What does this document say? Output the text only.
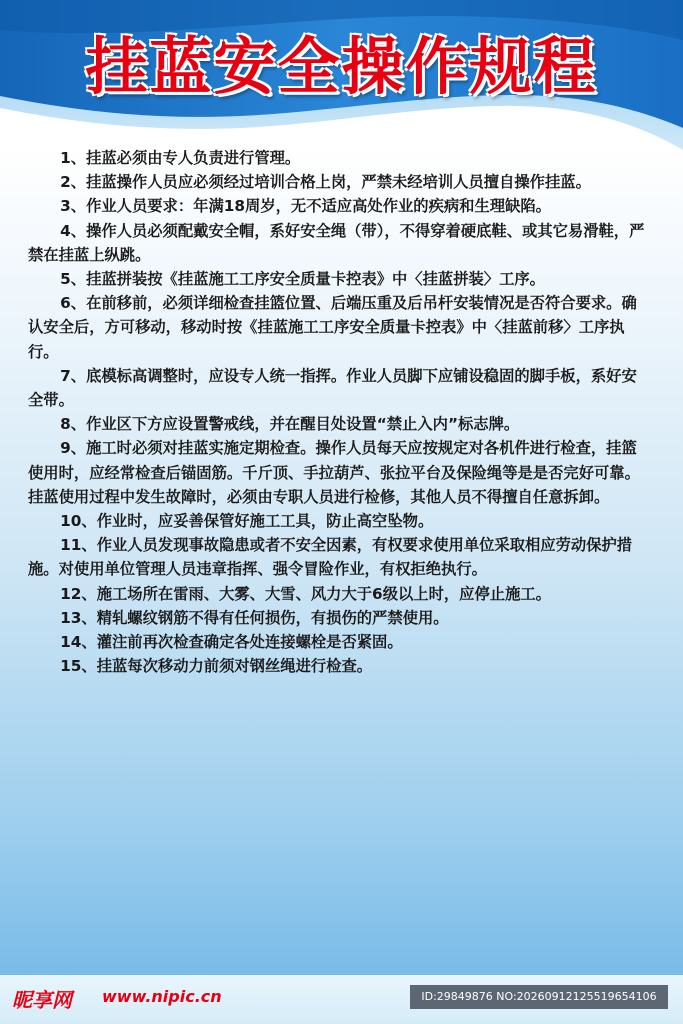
挂蓝安全操作规程

1、挂蓝必须由专人负责进行管理。

2、挂蓝操作人员应必须经过培训合格上岗，严禁未经培训人员擅自操作挂蓝。

3、作业人员要求：年满18周岁，无不适应高处作业的疾病和生理缺陷。

4、操作人员必须配戴安全帽，系好安全绳（带），不得穿着硬底鞋、或其它易滑鞋，严禁在挂蓝上纵跳。

5、挂蓝拼装按《挂蓝施工工序安全质量卡控表》中〈挂蓝拼装〉工序。

6、在前移前，必须详细检查挂篮位置、后端压重及后吊杆安装情况是否符合要求。确认安全后，方可移动，移动时按《挂蓝施工工序安全质量卡控表》中〈挂蓝前移〉工序执行。

7、底模标高调整时，应设专人统一指挥。作业人员脚下应铺设稳固的脚手板，系好安全带。

8、作业区下方应设置警戒线，并在醒目处设置“禁止入内”标志牌。

9、施工时必须对挂蓝实施定期检查。操作人员每天应按规定对各机件进行检查，挂篮使用时，应经常检查后锚固筋。千斤顶、手拉葫芦、张拉平台及保险绳等是是否完好可靠。挂蓝使用过程中发生故障时，必须由专职人员进行检修，其他人员不得擅自任意拆卸。

10、作业时，应妥善保管好施工工具，防止高空坠物。

11、作业人员发现事故隐患或者不安全因素，有权要求使用单位采取相应劳动保护措施。对使用单位管理人员违章指挥、强令冒险作业，有权拒绝执行。

12、施工场所在雷雨、大雾、大雪、风力大于6级以上时，应停止施工。

13、精轧螺纹钢筋不得有任何损伤，有损伤的严禁使用。

14、灌注前再次检查确定各处连接螺栓是否紧固。

15、挂蓝每次移动力前须对钢丝绳进行检查。

昵享网 www.nipic.cn	ID:29849876 NO:20260912125519654106
